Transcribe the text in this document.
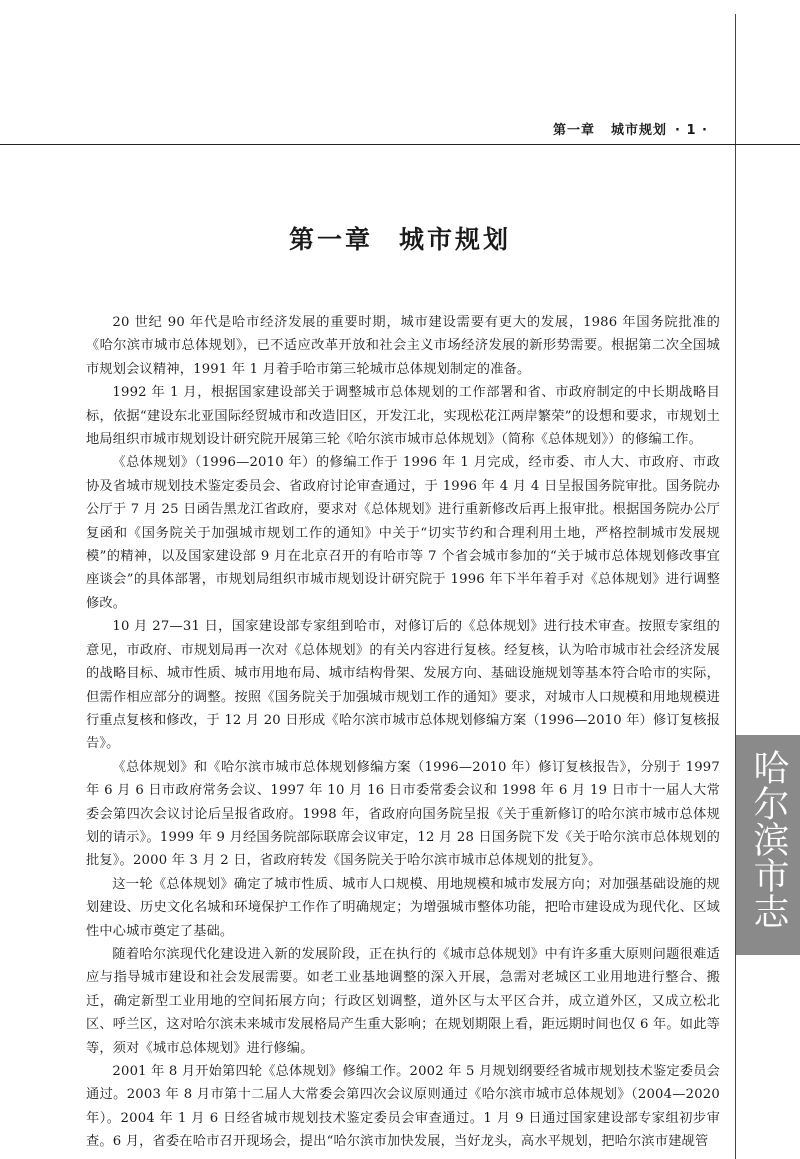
第一章 城市规划 · 1 ·
第一章 城市规划

20 世纪 90 年代是哈市经济发展的重要时期，城市建设需要有更大的发展，1986 年国务院批准的《哈尔滨市城市总体规划》，已不适应改革开放和社会主义市场经济发展的新形势需要。根据第二次全国城市规划会议精神，1991 年 1 月着手哈市第三轮城市总体规划制定的准备。

1992 年 1 月，根据国家建设部关于调整城市总体规划的工作部署和省、市政府制定的中长期战略目标，依据“建设东北亚国际经贸城市和改造旧区，开发江北，实现松花江两岸繁荣”的设想和要求，市规划土地局组织市城市规划设计研究院开展第三轮《哈尔滨市城市总体规划》（简称《总体规划》）的修编工作。

《总体规划》（1996—2010 年）的修编工作于 1996 年 1 月完成，经市委、市人大、市政府、市政协及省城市规划技术鉴定委员会、省政府讨论审查通过，于 1996 年 4 月 4 日呈报国务院审批。国务院办公厅于 7 月 25 日函告黑龙江省政府，要求对《总体规划》进行重新修改后再上报审批。根据国务院办公厅复函和《国务院关于加强城市规划工作的通知》中关于“切实节约和合理利用土地，严格控制城市发展规模”的精神，以及国家建设部 9 月在北京召开的有哈市等 7 个省会城市参加的“关于城市总体规划修改事宜座谈会”的具体部署，市规划局组织市城市规划设计研究院于 1996 年下半年着手对《总体规划》进行调整修改。

10 月 27—31 日，国家建设部专家组到哈市，对修订后的《总体规划》进行技术审查。按照专家组的意见，市政府、市规划局再一次对《总体规划》的有关内容进行复核。经复核，认为哈市城市社会经济发展的战略目标、城市性质、城市用地布局、城市结构骨架、发展方向、基础设施规划等基本符合哈市的实际，但需作相应部分的调整。按照《国务院关于加强城市规划工作的通知》要求，对城市人口规模和用地规模进行重点复核和修改，于 12 月 20 日形成《哈尔滨市城市总体规划修编方案（1996—2010 年）修订复核报告》。

《总体规划》和《哈尔滨市城市总体规划修编方案（1996—2010 年）修订复核报告》，分别于 1997 年 6 月 6 日市政府常务会议、1997 年 10 月 16 日市委常委会议和 1998 年 6 月 19 日市十一届人大常委会第四次会议讨论后呈报省政府。1998 年，省政府向国务院呈报《关于重新修订的哈尔滨市城市总体规划的请示》。1999 年 9 月经国务院部际联席会议审定，12 月 28 日国务院下发《关于哈尔滨市总体规划的批复》。2000 年 3 月 2 日，省政府转发《国务院关于哈尔滨市城市总体规划的批复》。

这一轮《总体规划》确定了城市性质、城市人口规模、用地规模和城市发展方向；对加强基础设施的规划建设、历史文化名城和环境保护工作作了明确规定；为增强城市整体功能，把哈市建设成为现代化、区域性中心城市奠定了基础。

随着哈尔滨现代化建设进入新的发展阶段，正在执行的《城市总体规划》中有许多重大原则问题很难适应与指导城市建设和社会发展需要。如老工业基地调整的深入开展，急需对老城区工业用地进行整合、搬迁，确定新型工业用地的空间拓展方向；行政区划调整，道外区与太平区合并，成立道外区，又成立松北区、呼兰区，这对哈尔滨未来城市发展格局产生重大影响；在规划期限上看，距远期时间也仅 6 年。如此等等，须对《城市总体规划》进行修编。

2001 年 8 月开始第四轮《总体规划》修编工作。2002 年 5 月规划纲要经省城市规划技术鉴定委员会通过。2003 年 8 月市第十二届人大常委会第四次会议原则通过《哈尔滨市城市总体规划》（2004—2020 年）。2004 年 1 月 6 日经省城市规划技术鉴定委员会审查通过。1 月 9 日通过国家建设部专家组初步审查。6 月，省委在哈市召开现场会，提出“哈尔滨市加快发展，当好龙头，高水平规划，把哈尔滨市建觇管

哈尔滨市志
